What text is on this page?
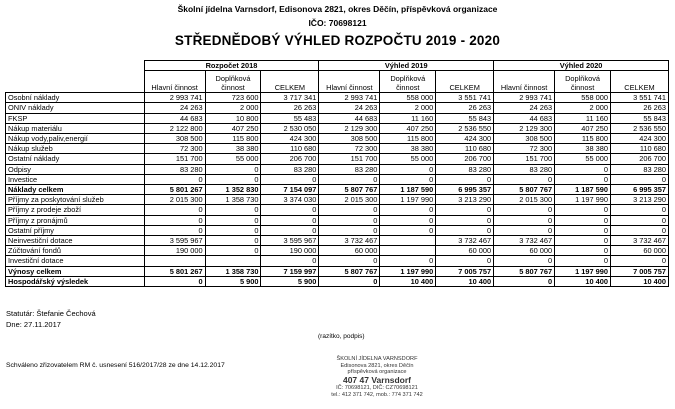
Školní jídelna Varnsdorf, Edisonova 2821, okres Děčín, příspěvková organizace
IČO: 70698121
STŘEDNĚDOBÝ VÝHLED ROZPOČTU 2019 - 2020
	Rozpočet 2018			Výhled 2019			Výhled 2020		
	Hlavní činnost	Doplňková činnost	CELKEM	Hlavní činnost	Doplňková činnost	CELKEM	Hlavní činnost	Doplňková činnost	CELKEM
Osobní náklady	2 993 741	723 600	3 717 341	2 993 741	558 000	3 551 741	2 993 741	558 000	3 551 741
ONIV náklady	24 263	2 000	26 263	24 263	2 000	26 263	24 263	2 000	26 263
FKSP	44 683	10 800	55 483	44 683	11 160	55 843	44 683	11 160	55 843
Nákup materiálu	2 122 800	407 250	2 530 050	2 129 300	407 250	2 536 550	2 129 300	407 250	2 536 550
Nákup vody,paliv,energií	308 500	115 800	424 300	308 500	115 800	424 300	308 500	115 800	424 300
Nákup služeb	72 300	38 380	110 680	72 300	38 380	110 680	72 300	38 380	110 680
Ostatní náklady	151 700	55 000	206 700	151 700	55 000	206 700	151 700	55 000	206 700
Odpisy	83 280	0	83 280	83 280	0	83 280	83 280	0	83 280
Investice	0	0	0	0	0	0	0	0	0
Náklady celkem	5 801 267	1 352 830	7 154 097	5 807 767	1 187 590	6 995 357	5 807 767	1 187 590	6 995 357
Příjmy za poskytování služeb	2 015 300	1 358 730	3 374 030	2 015 300	1 197 990	3 213 290	2 015 300	1 197 990	3 213 290
Příjmy z prodeje zboží	0	0	0	0	0	0	0	0	0
Příjmy z pronájmů	0	0	0	0	0	0	0	0	0
Ostatní příjmy	0	0	0	0	0	0	0	0	0
Neinvestiční dotace	3 595 967	0	3 595 967	3 732 467		3 732 467	3 732 467	0	3 732 467
Zúčtování fondů	190 000	0	190 000	60 000		60 000	60 000	0	60 000
Investiční dotace			0	0	0	0	0	0	0
Výnosy celkem	5 801 267	1 358 730	7 159 997	5 807 767	1 197 990	7 005 757	5 807 767	1 197 990	7 005 757
Hospodářský výsledek	0	5 900	5 900	0	10 400	10 400	0	10 400	10 400
Statutár: Štefanie Čechová
Dne: 27.11.2017
(razítko, podpis)
Schváleno zřizovatelem RM č. usnesení 516/2017/28 ze dne 14.12.2017
ŠKOLNÍ JÍDELNA VARNSDORF
Edisonova 2821, okres Děčín
příspěvková organizace
407 47 Varnsdorf
IČ: 70698121, DIČ: CZ70698121
tel.: 412 371 742, mob.: 774 371 742
